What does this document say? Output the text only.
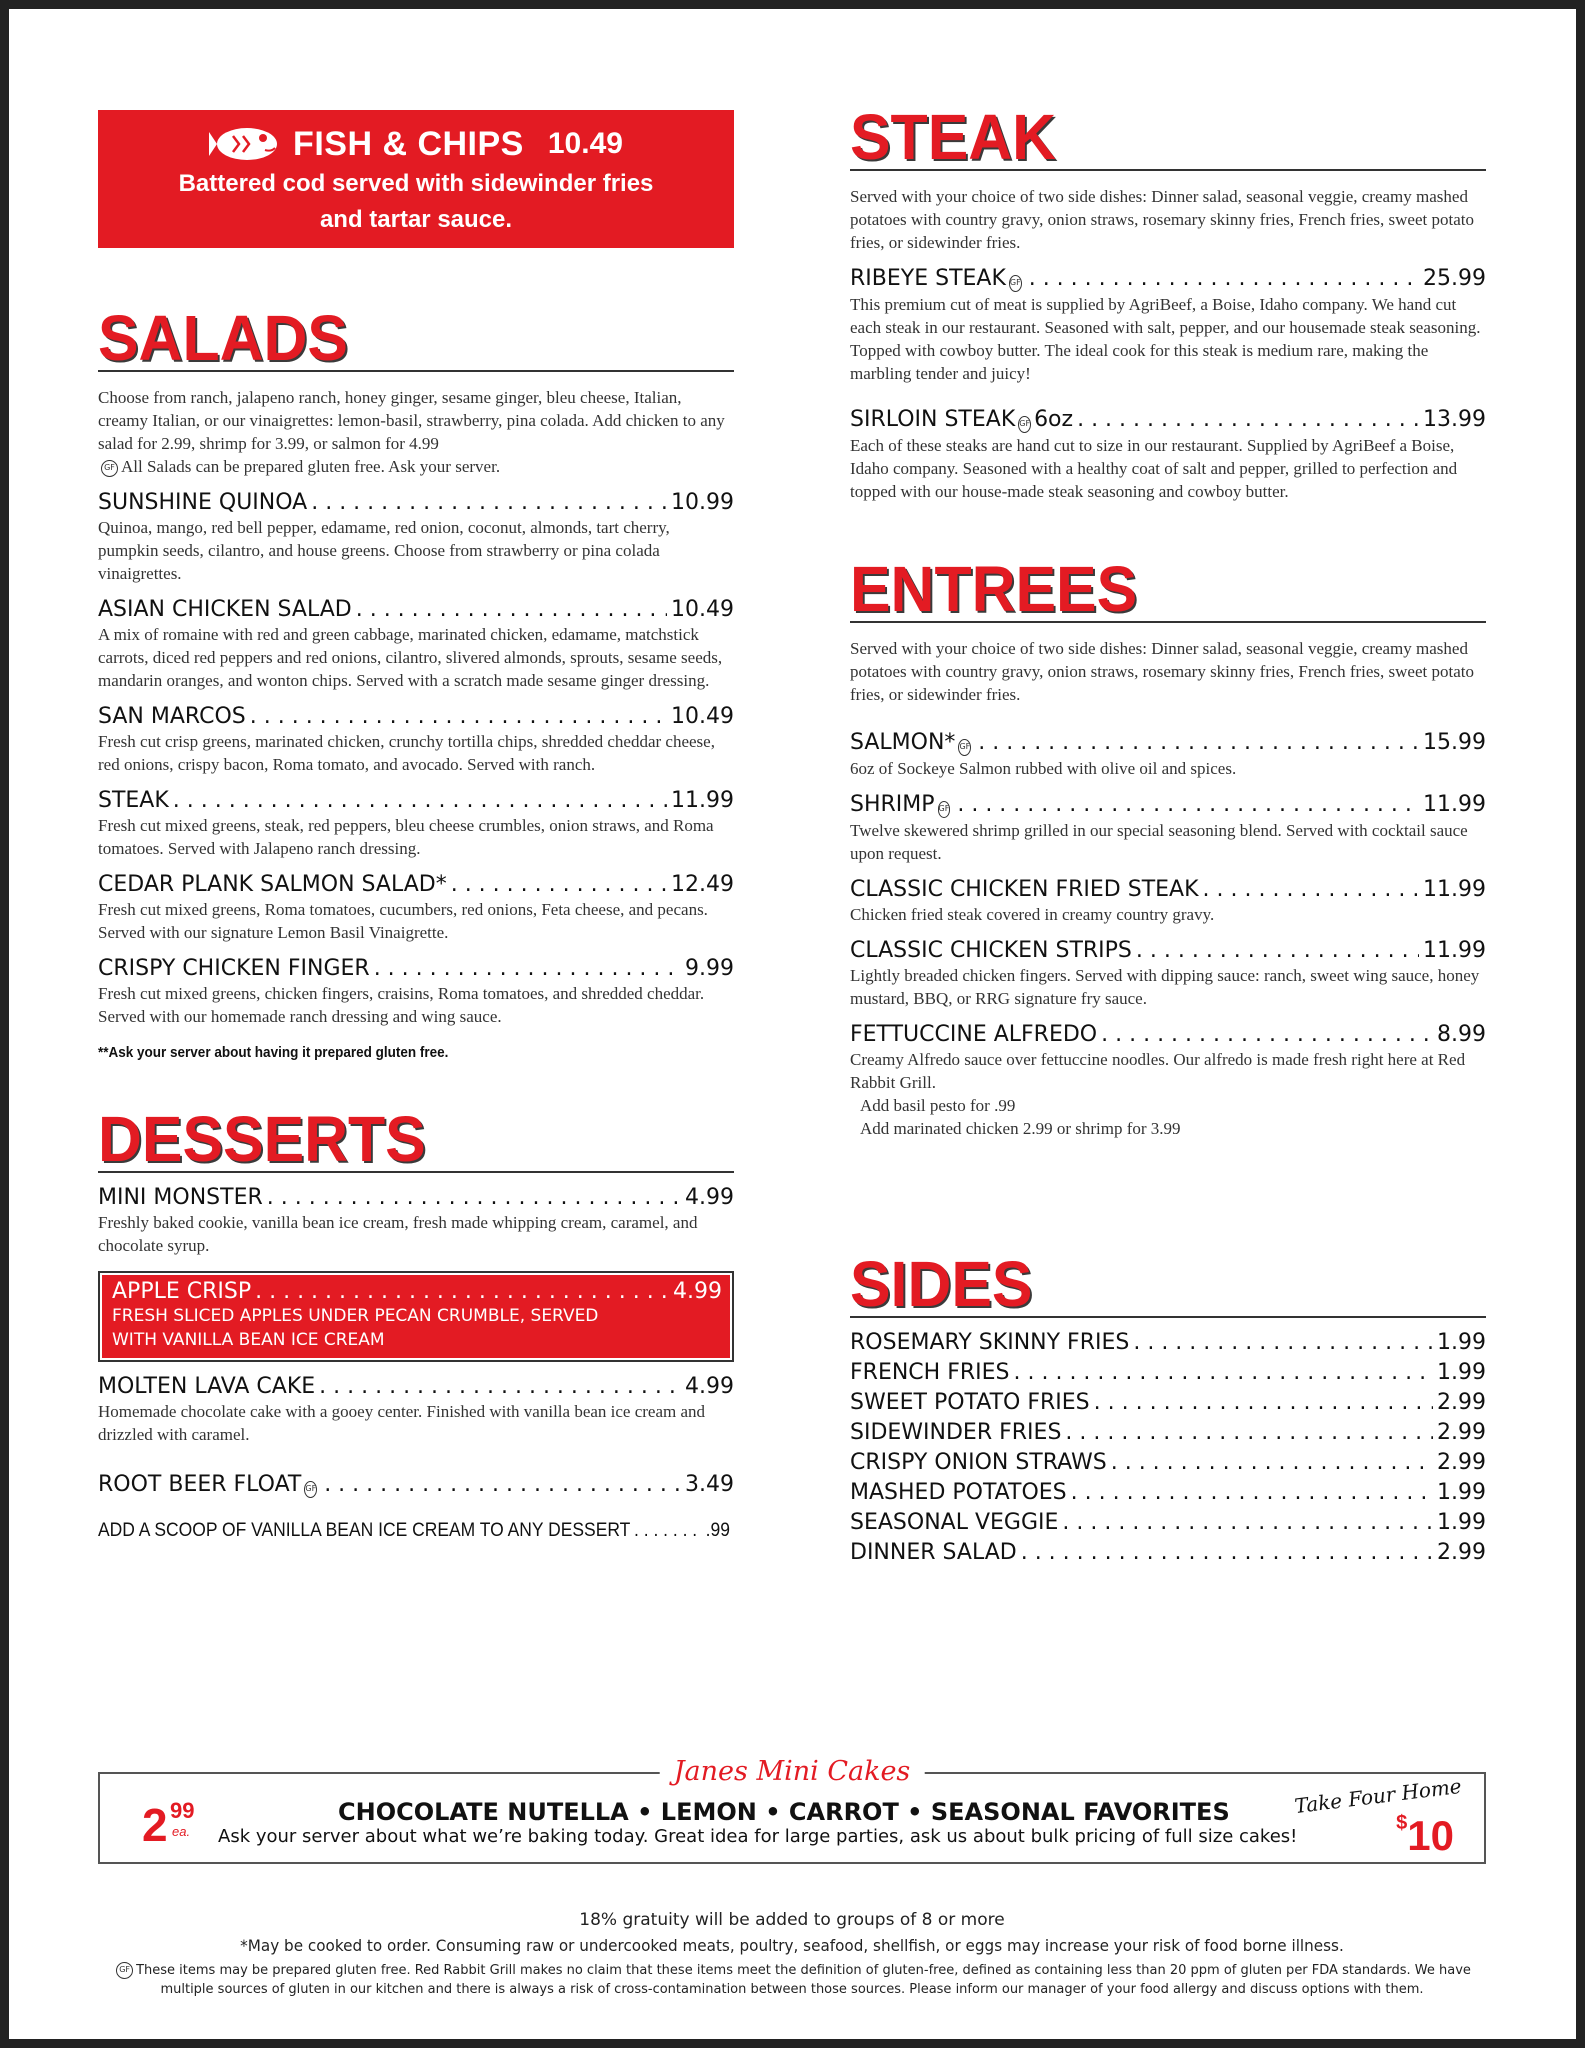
FISH & CHIPS 10.49
Battered cod served with sidewinder fries
and tartar sauce.
SALADS
Choose from ranch, jalapeno ranch, honey ginger, sesame ginger, bleu cheese, Italian, creamy Italian, or our vinaigrettes: lemon-basil, strawberry, pina colada. Add chicken to any salad for 2.99, shrimp for 3.99, or salmon for 4.99
GF All Salads can be prepared gluten free. Ask your server.
SUNSHINE QUINOA . . .	10.99
Quinoa, mango, red bell pepper, edamame, red onion, coconut, almonds, tart cherry, pumpkin seeds, cilantro, and house greens. Choose from strawberry or pina colada vinaigrettes.
ASIAN CHICKEN SALAD . . .	10.49
A mix of romaine with red and green cabbage, marinated chicken, edamame, matchstick carrots, diced red peppers and red onions, cilantro, slivered almonds, sprouts, sesame seeds, mandarin oranges, and wonton chips. Served with a scratch made sesame ginger dressing.
SAN MARCOS . . .	10.49
Fresh cut crisp greens, marinated chicken, crunchy tortilla chips, shredded cheddar cheese, red onions, crispy bacon, Roma tomato, and avocado. Served with ranch.
STEAK . . .	11.99
Fresh cut mixed greens, steak, red peppers, bleu cheese crumbles, onion straws, and Roma tomatoes. Served with Jalapeno ranch dressing.
CEDAR PLANK SALMON SALAD* . . .	12.49
Fresh cut mixed greens, Roma tomatoes, cucumbers, red onions, Feta cheese, and pecans. Served with our signature Lemon Basil Vinaigrette.
CRISPY CHICKEN FINGER . . .	9.99
Fresh cut mixed greens, chicken fingers, craisins, Roma tomatoes, and shredded cheddar. Served with our homemade ranch dressing and wing sauce.
**Ask your server about having it prepared gluten free.
DESSERTS
MINI MONSTER . . .	4.99
Freshly baked cookie, vanilla bean ice cream, fresh made whipping cream, caramel, and chocolate syrup.
APPLE CRISP . . .	4.99
FRESH SLICED APPLES UNDER PECAN CRUMBLE, SERVED
WITH VANILLA BEAN ICE CREAM
MOLTEN LAVA CAKE . . .	4.99
Homemade chocolate cake with a gooey center. Finished with vanilla bean ice cream and drizzled with caramel.
ROOT BEER FLOAT GF . . .	3.49
ADD A SCOOP OF VANILLA BEAN ICE CREAM TO ANY DESSERT . . .	.99
STEAK
Served with your choice of two side dishes: Dinner salad, seasonal veggie, creamy mashed potatoes with country gravy, onion straws, rosemary skinny fries, French fries, sweet potato fries, or sidewinder fries.
RIBEYE STEAK GF . . .	25.99
This premium cut of meat is supplied by AgriBeef, a Boise, Idaho company. We hand cut each steak in our restaurant. Seasoned with salt, pepper, and our housemade steak seasoning. Topped with cowboy butter. The ideal cook for this steak is medium rare, making the marbling tender and juicy!
SIRLOIN STEAK GF 6oz . . .	13.99
Each of these steaks are hand cut to size in our restaurant. Supplied by AgriBeef a Boise, Idaho company. Seasoned with a healthy coat of salt and pepper, grilled to perfection and topped with our house-made steak seasoning and cowboy butter.
ENTREES
Served with your choice of two side dishes: Dinner salad, seasonal veggie, creamy mashed potatoes with country gravy, onion straws, rosemary skinny fries, French fries, sweet potato fries, or sidewinder fries.
SALMON* GF . . .	15.99
6oz of Sockeye Salmon rubbed with olive oil and spices.
SHRIMP GF . . .	11.99
Twelve skewered shrimp grilled in our special seasoning blend. Served with cocktail sauce upon request.
CLASSIC CHICKEN FRIED STEAK . . .	11.99
Chicken fried steak covered in creamy country gravy.
CLASSIC CHICKEN STRIPS . . .	11.99
Lightly breaded chicken fingers. Served with dipping sauce: ranch, sweet wing sauce, honey mustard, BBQ, or RRG signature fry sauce.
FETTUCCINE ALFREDO . . .	8.99
Creamy Alfredo sauce over fettuccine noodles. Our alfredo is made fresh right here at Red Rabbit Grill.
Add basil pesto for .99
Add marinated chicken 2.99 or shrimp for 3.99
SIDES
ROSEMARY SKINNY FRIES . . .	1.99
FRENCH FRIES . . .	1.99
SWEET POTATO FRIES . . .	2.99
SIDEWINDER FRIES . . .	2.99
CRISPY ONION STRAWS . . .	2.99
MASHED POTATOES . . .	1.99
SEASONAL VEGGIE . . .	1.99
DINNER SALAD . . .	2.99
Janes Mini Cakes
2 99
ea.
CHOCOLATE NUTELLA • LEMON • CARROT • SEASONAL FAVORITES
Ask your server about what we’re baking today. Great idea for large parties, ask us about bulk pricing of full size cakes!
Take Four Home
$10
18% gratuity will be added to groups of 8 or more
*May be cooked to order. Consuming raw or undercooked meats, poultry, seafood, shellfish, or eggs may increase your risk of food borne illness.
GF These items may be prepared gluten free. Red Rabbit Grill makes no claim that these items meet the definition of gluten-free, defined as containing less than 20 ppm of gluten per FDA standards. We have multiple sources of gluten in our kitchen and there is always a risk of cross-contamination between those sources. Please inform our manager of your food allergy and discuss options with them.
